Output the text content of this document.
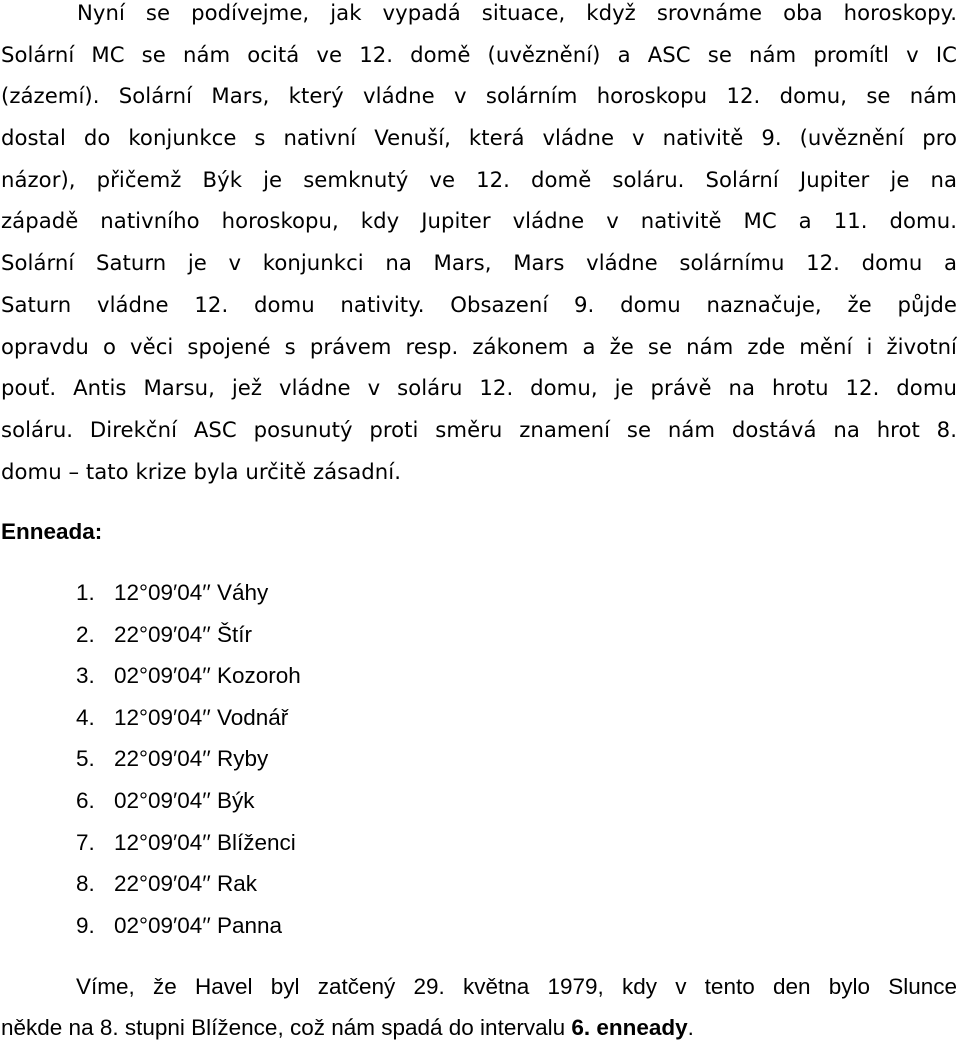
Nyní se podívejme, jak vypadá situace, když srovnáme oba horoskopy.
Solární MC se nám ocitá ve 12. domě (uvěznění) a ASC se nám promítl v IC
(zázemí). Solární Mars, který vládne v solárním horoskopu 12. domu, se nám
dostal do konjunkce s nativní Venuší, která vládne v nativitě 9. (uvěznění pro
názor), přičemž Býk je semknutý ve 12. domě soláru. Solární Jupiter je na
západě nativního horoskopu, kdy Jupiter vládne v nativitě MC a 11. domu.
Solární Saturn je v konjunkci na Mars, Mars vládne solárnímu 12. domu a
Saturn vládne 12. domu nativity. Obsazení 9. domu naznačuje, že půjde
opravdu o věci spojené s právem resp. zákonem a že se nám zde mění i životní
pouť. Antis Marsu, jež vládne v soláru 12. domu, je právě na hrotu 12. domu
soláru. Direkční ASC posunutý proti směru znamení se nám dostává na hrot 8.
domu – tato krize byla určitě zásadní.
Enneada:
1. 12°09′04′′ Váhy
2. 22°09′04′′ Štír
3. 02°09′04′′ Kozoroh
4. 12°09′04′′ Vodnář
5. 22°09′04′′ Ryby
6. 02°09′04′′ Býk
7. 12°09′04′′ Blíženci
8. 22°09′04′′ Rak
9. 02°09′04′′ Panna
Víme, že Havel byl zatčený 29. května 1979, kdy v tento den bylo Slunce
někde na 8. stupni Blížence, což nám spadá do intervalu 6. enneady.
